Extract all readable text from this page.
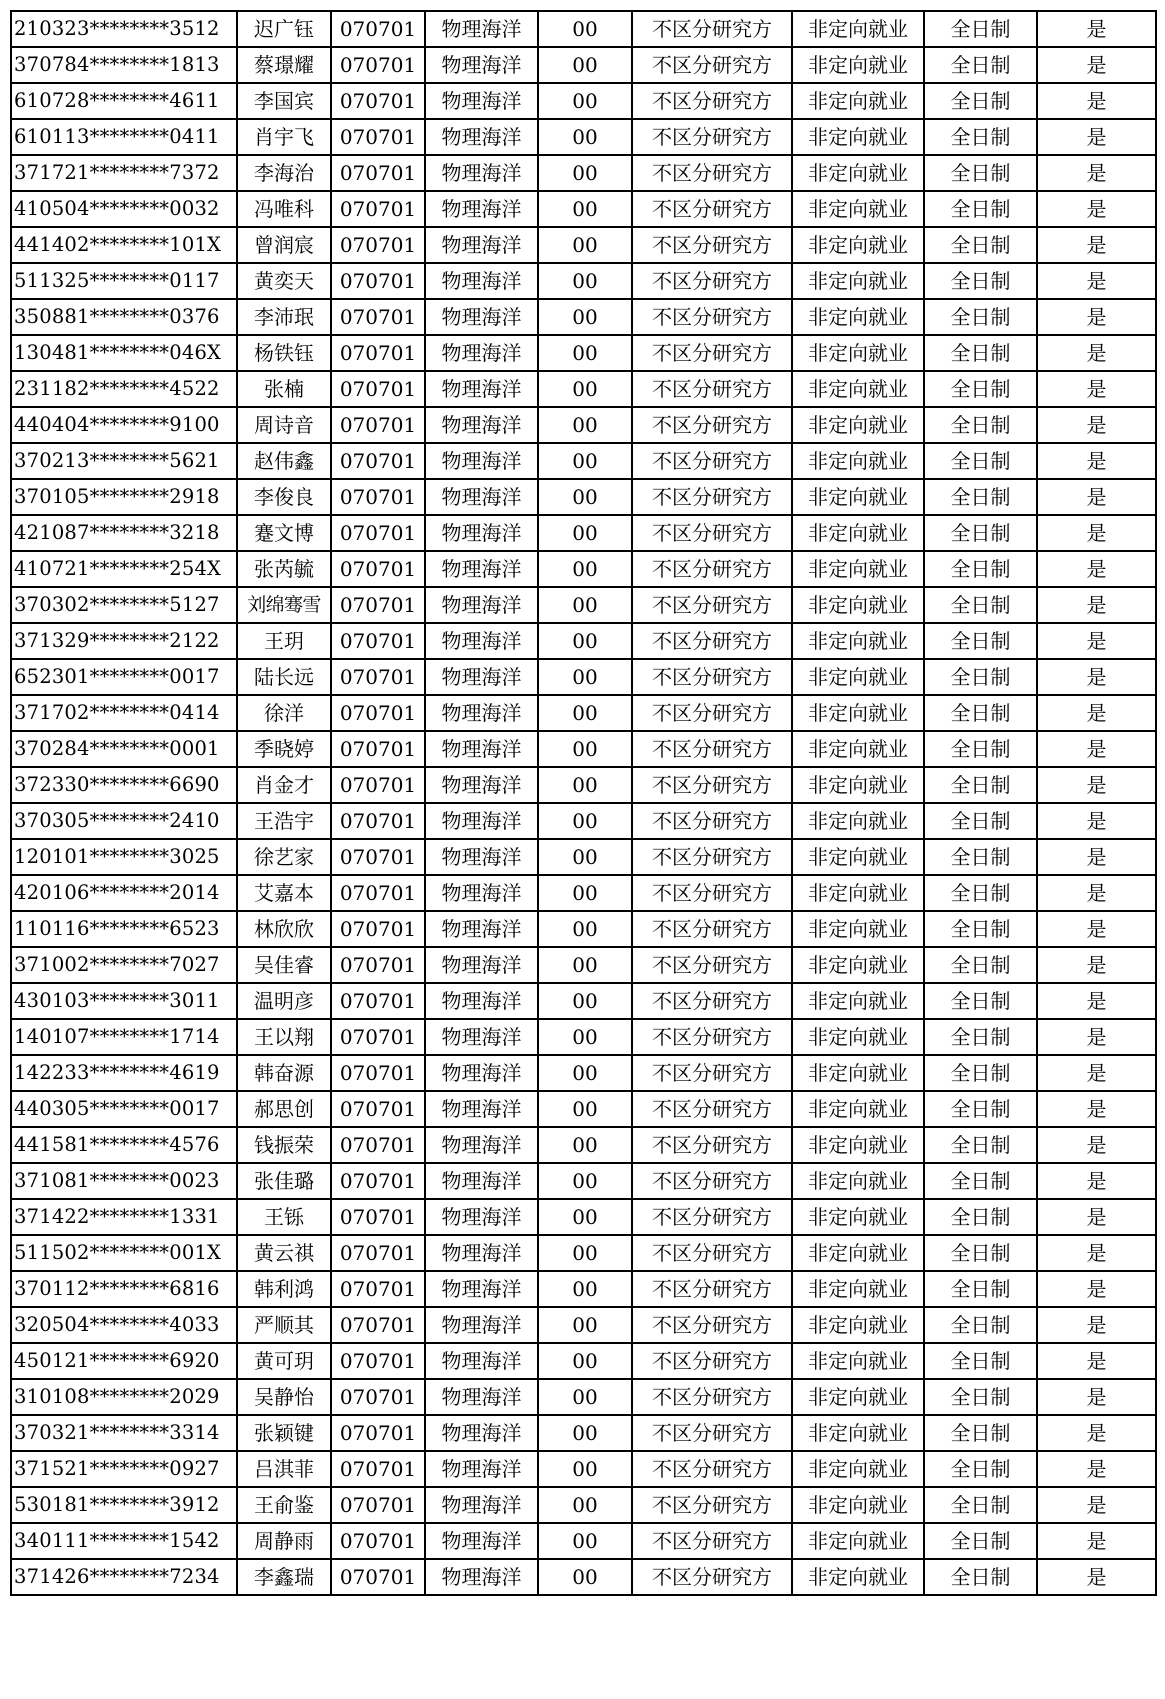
210323********3512	迟广钰	070701	物理海洋	00	不区分研究方	非定向就业	全日制	是
370784********1813	蔡璟耀	070701	物理海洋	00	不区分研究方	非定向就业	全日制	是
610728********4611	李国宾	070701	物理海洋	00	不区分研究方	非定向就业	全日制	是
610113********0411	肖宇飞	070701	物理海洋	00	不区分研究方	非定向就业	全日制	是
371721********7372	李海治	070701	物理海洋	00	不区分研究方	非定向就业	全日制	是
410504********0032	冯唯科	070701	物理海洋	00	不区分研究方	非定向就业	全日制	是
441402********101X	曾润宸	070701	物理海洋	00	不区分研究方	非定向就业	全日制	是
511325********0117	黄奕天	070701	物理海洋	00	不区分研究方	非定向就业	全日制	是
350881********0376	李沛珉	070701	物理海洋	00	不区分研究方	非定向就业	全日制	是
130481********046X	杨铁钰	070701	物理海洋	00	不区分研究方	非定向就业	全日制	是
231182********4522	张楠	070701	物理海洋	00	不区分研究方	非定向就业	全日制	是
440404********9100	周诗音	070701	物理海洋	00	不区分研究方	非定向就业	全日制	是
370213********5621	赵伟鑫	070701	物理海洋	00	不区分研究方	非定向就业	全日制	是
370105********2918	李俊良	070701	物理海洋	00	不区分研究方	非定向就业	全日制	是
421087********3218	蹇文博	070701	物理海洋	00	不区分研究方	非定向就业	全日制	是
410721********254X	张芮毓	070701	物理海洋	00	不区分研究方	非定向就业	全日制	是
370302********5127	刘绵骞雪	070701	物理海洋	00	不区分研究方	非定向就业	全日制	是
371329********2122	王玥	070701	物理海洋	00	不区分研究方	非定向就业	全日制	是
652301********0017	陆长远	070701	物理海洋	00	不区分研究方	非定向就业	全日制	是
371702********0414	徐洋	070701	物理海洋	00	不区分研究方	非定向就业	全日制	是
370284********0001	季晓婷	070701	物理海洋	00	不区分研究方	非定向就业	全日制	是
372330********6690	肖金才	070701	物理海洋	00	不区分研究方	非定向就业	全日制	是
370305********2410	王浩宇	070701	物理海洋	00	不区分研究方	非定向就业	全日制	是
120101********3025	徐艺家	070701	物理海洋	00	不区分研究方	非定向就业	全日制	是
420106********2014	艾嘉本	070701	物理海洋	00	不区分研究方	非定向就业	全日制	是
110116********6523	林欣欣	070701	物理海洋	00	不区分研究方	非定向就业	全日制	是
371002********7027	吴佳睿	070701	物理海洋	00	不区分研究方	非定向就业	全日制	是
430103********3011	温明彦	070701	物理海洋	00	不区分研究方	非定向就业	全日制	是
140107********1714	王以翔	070701	物理海洋	00	不区分研究方	非定向就业	全日制	是
142233********4619	韩奋源	070701	物理海洋	00	不区分研究方	非定向就业	全日制	是
440305********0017	郝思创	070701	物理海洋	00	不区分研究方	非定向就业	全日制	是
441581********4576	钱振荣	070701	物理海洋	00	不区分研究方	非定向就业	全日制	是
371081********0023	张佳璐	070701	物理海洋	00	不区分研究方	非定向就业	全日制	是
371422********1331	王铄	070701	物理海洋	00	不区分研究方	非定向就业	全日制	是
511502********001X	黄云祺	070701	物理海洋	00	不区分研究方	非定向就业	全日制	是
370112********6816	韩利鸿	070701	物理海洋	00	不区分研究方	非定向就业	全日制	是
320504********4033	严顺其	070701	物理海洋	00	不区分研究方	非定向就业	全日制	是
450121********6920	黄可玥	070701	物理海洋	00	不区分研究方	非定向就业	全日制	是
310108********2029	吴静怡	070701	物理海洋	00	不区分研究方	非定向就业	全日制	是
370321********3314	张颖键	070701	物理海洋	00	不区分研究方	非定向就业	全日制	是
371521********0927	吕淇菲	070701	物理海洋	00	不区分研究方	非定向就业	全日制	是
530181********3912	王俞鉴	070701	物理海洋	00	不区分研究方	非定向就业	全日制	是
340111********1542	周静雨	070701	物理海洋	00	不区分研究方	非定向就业	全日制	是
371426********7234	李鑫瑞	070701	物理海洋	00	不区分研究方	非定向就业	全日制	是
